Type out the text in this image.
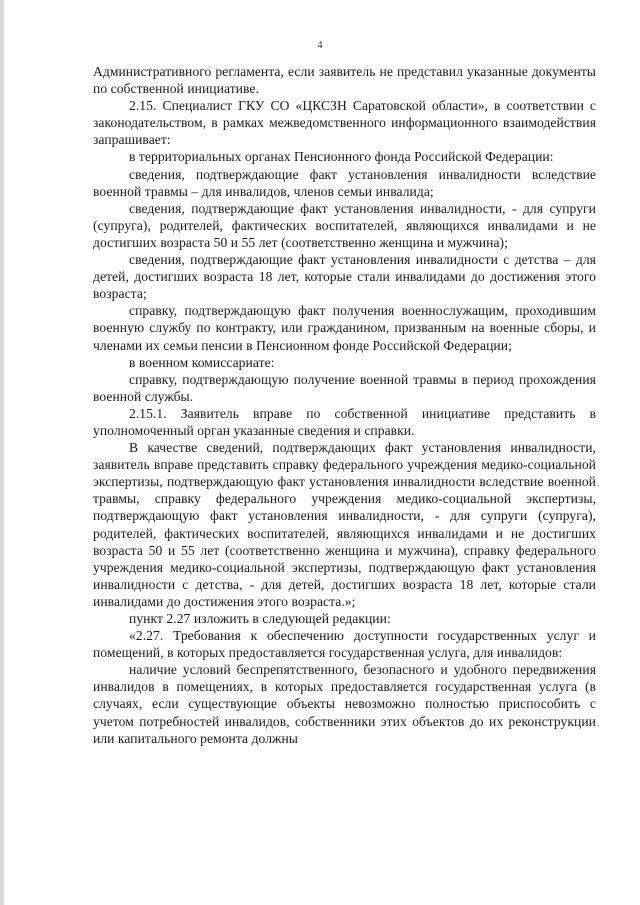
4

Административного регламента, если заявитель не представил указанные документы по собственной инициативе.

2.15. Специалист ГКУ СО «ЦКСЗН Саратовской области», в соответствии с законодательством, в рамках межведомственного информационного взаимодействия запрашивает:

в территориальных органах Пенсионного фонда Российской Федерации:

сведения, подтверждающие факт установления инвалидности вследствие военной травмы – для инвалидов, членов семьи инвалида;

сведения, подтверждающие факт установления инвалидности, - для супруги (супруга), родителей, фактических воспитателей, являющихся инвалидами и не достигших возраста 50 и 55 лет (соответственно женщина и мужчина);

сведения, подтверждающие факт установления инвалидности с детства – для детей, достигших возраста 18 лет, которые стали инвалидами до достижения этого возраста;

справку, подтверждающую факт получения военнослужащим, проходившим военную службу по контракту, или гражданином, призванным на военные сборы, и членами их семьи пенсии в Пенсионном фонде Российской Федерации;

в военном комиссариате:

справку, подтверждающую получение военной травмы в период прохождения военной службы.

2.15.1. Заявитель вправе по собственной инициативе представить в уполномоченный орган указанные сведения и справки.

В качестве сведений, подтверждающих факт установления инвалидности, заявитель вправе представить справку федерального учреждения медико-социальной экспертизы, подтверждающую факт установления инвалидности вследствие военной травмы, справку федерального учреждения медико-социальной экспертизы, подтверждающую факт установления инвалидности, - для супруги (супруга), родителей, фактических воспитателей, являющихся инвалидами и не достигших возраста 50 и 55 лет (соответственно женщина и мужчина), справку федерального учреждения медико-социальной экспертизы, подтверждающую факт установления инвалидности с детства, - для детей, достигших возраста 18 лет, которые стали инвалидами до достижения этого возраста.»;

пункт 2.27 изложить в следующей редакции:

«2.27. Требования к обеспечению доступности государственных услуг и помещений, в которых предоставляется государственная услуга, для инвалидов:

наличие условий беспрепятственного, безопасного и удобного передвижения инвалидов в помещениях, в которых предоставляется государственная услуга (в случаях, если существующие объекты невозможно полностью приспособить с учетом потребностей инвалидов, собственники этих объектов до их реконструкции или капитального ремонта должны
